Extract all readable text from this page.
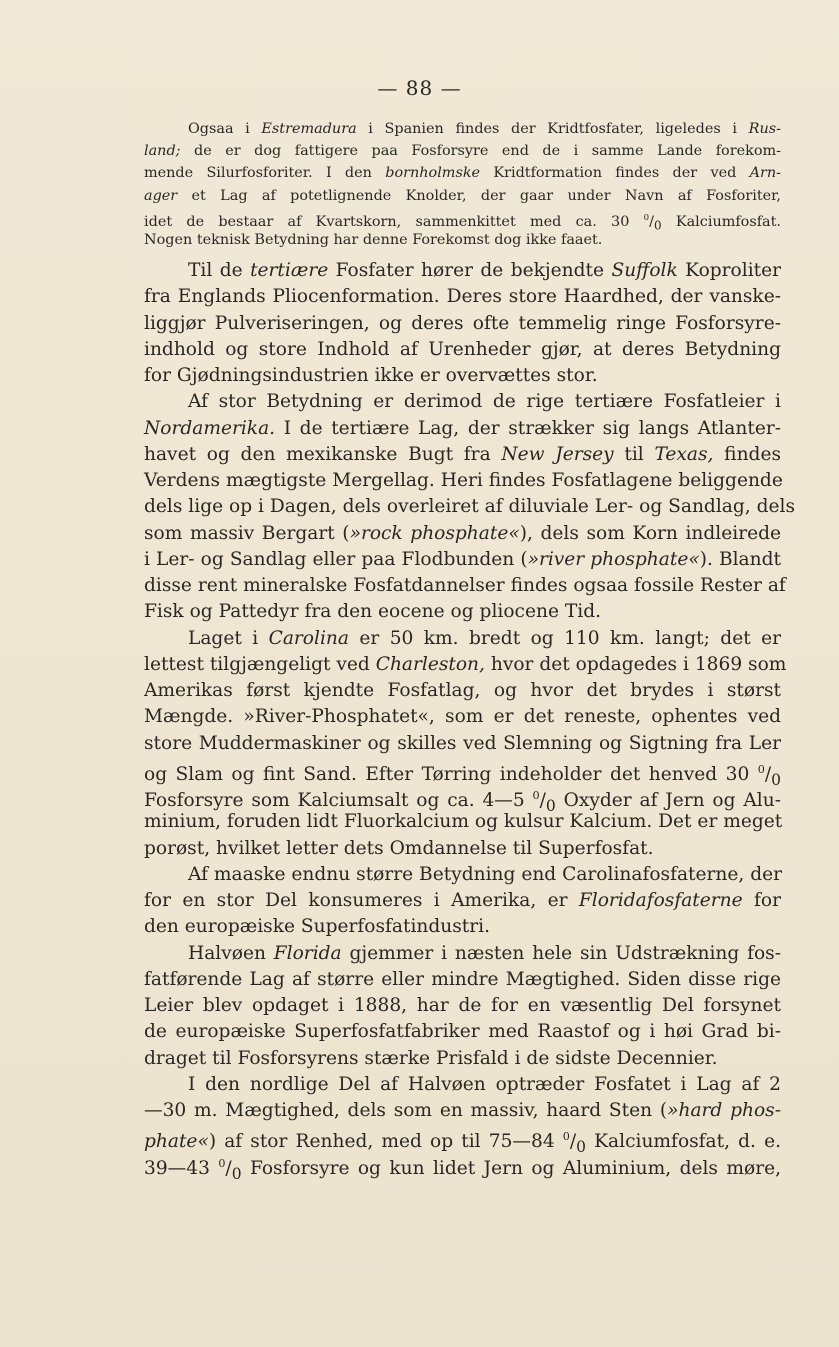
— 88 —
Ogsaa i Estremadura i Spanien findes der Kridtfosfater, ligeledes i Rus-
land; de er dog fattigere paa Fosforsyre end de i samme Lande forekom-
mende Silurfosforiter. I den bornholmske Kridtformation findes der ved Arn-
ager et Lag af potetlignende Knolder, der gaar under Navn af Fosforiter,
idet de bestaar af Kvartskorn, sammenkittet med ca. 30 $^0/_0$ Kalciumfosfat.
Nogen teknisk Betydning har denne Forekomst dog ikke faaet.
Til de tertiære Fosfater hører de bekjendte Suffolk Koproliter
fra Englands Pliocenformation. Deres store Haardhed, der vanske-
liggjør Pulveriseringen, og deres ofte temmelig ringe Fosforsyre-
indhold og store Indhold af Urenheder gjør, at deres Betydning
for Gjødningsindustrien ikke er overvættes stor.
Af stor Betydning er derimod de rige tertiære Fosfatleier i
Nordamerika. I de tertiære Lag, der strækker sig langs Atlanter-
havet og den mexikanske Bugt fra New Jersey til Texas, findes
Verdens mægtigste Mergellag. Heri findes Fosfatlagene beliggende
dels lige op i Dagen, dels overleiret af diluviale Ler- og Sandlag, dels
som massiv Bergart (»rock phosphate«), dels som Korn indleirede
i Ler- og Sandlag eller paa Flodbunden (»river phosphate«). Blandt
disse rent mineralske Fosfatdannelser findes ogsaa fossile Rester af
Fisk og Pattedyr fra den eocene og pliocene Tid.
Laget i Carolina er 50 km. bredt og 110 km. langt; det er
lettest tilgjængeligt ved Charleston, hvor det opdagedes i 1869 som
Amerikas først kjendte Fosfatlag, og hvor det brydes i størst
Mængde. »River-Phosphatet«, som er det reneste, ophentes ved
store Muddermaskiner og skilles ved Slemning og Sigtning fra Ler
og Slam og fint Sand. Efter Tørring indeholder det henved 30 $^0/_0$
Fosforsyre som Kalciumsalt og ca. 4—5 $^0/_0$ Oxyder af Jern og Alu-
minium, foruden lidt Fluorkalcium og kulsur Kalcium. Det er meget
porøst, hvilket letter dets Omdannelse til Superfosfat.
Af maaske endnu større Betydning end Carolinafosfaterne, der
for en stor Del konsumeres i Amerika, er Floridafosfaterne for
den europæiske Superfosfatindustri.
Halvøen Florida gjemmer i næsten hele sin Udstrækning fos-
fatførende Lag af større eller mindre Mægtighed. Siden disse rige
Leier blev opdaget i 1888, har de for en væsentlig Del forsynet
de europæiske Superfosfatfabriker med Raastof og i høi Grad bi-
draget til Fosforsyrens stærke Prisfald i de sidste Decennier.
I den nordlige Del af Halvøen optræder Fosfatet i Lag af 2
—30 m. Mægtighed, dels som en massiv, haard Sten (»hard phos-
phate«) af stor Renhed, med op til 75—84 $^0/_0$ Kalciumfosfat, d. e.
39—43 $^0/_0$ Fosforsyre og kun lidet Jern og Aluminium, dels møre,
